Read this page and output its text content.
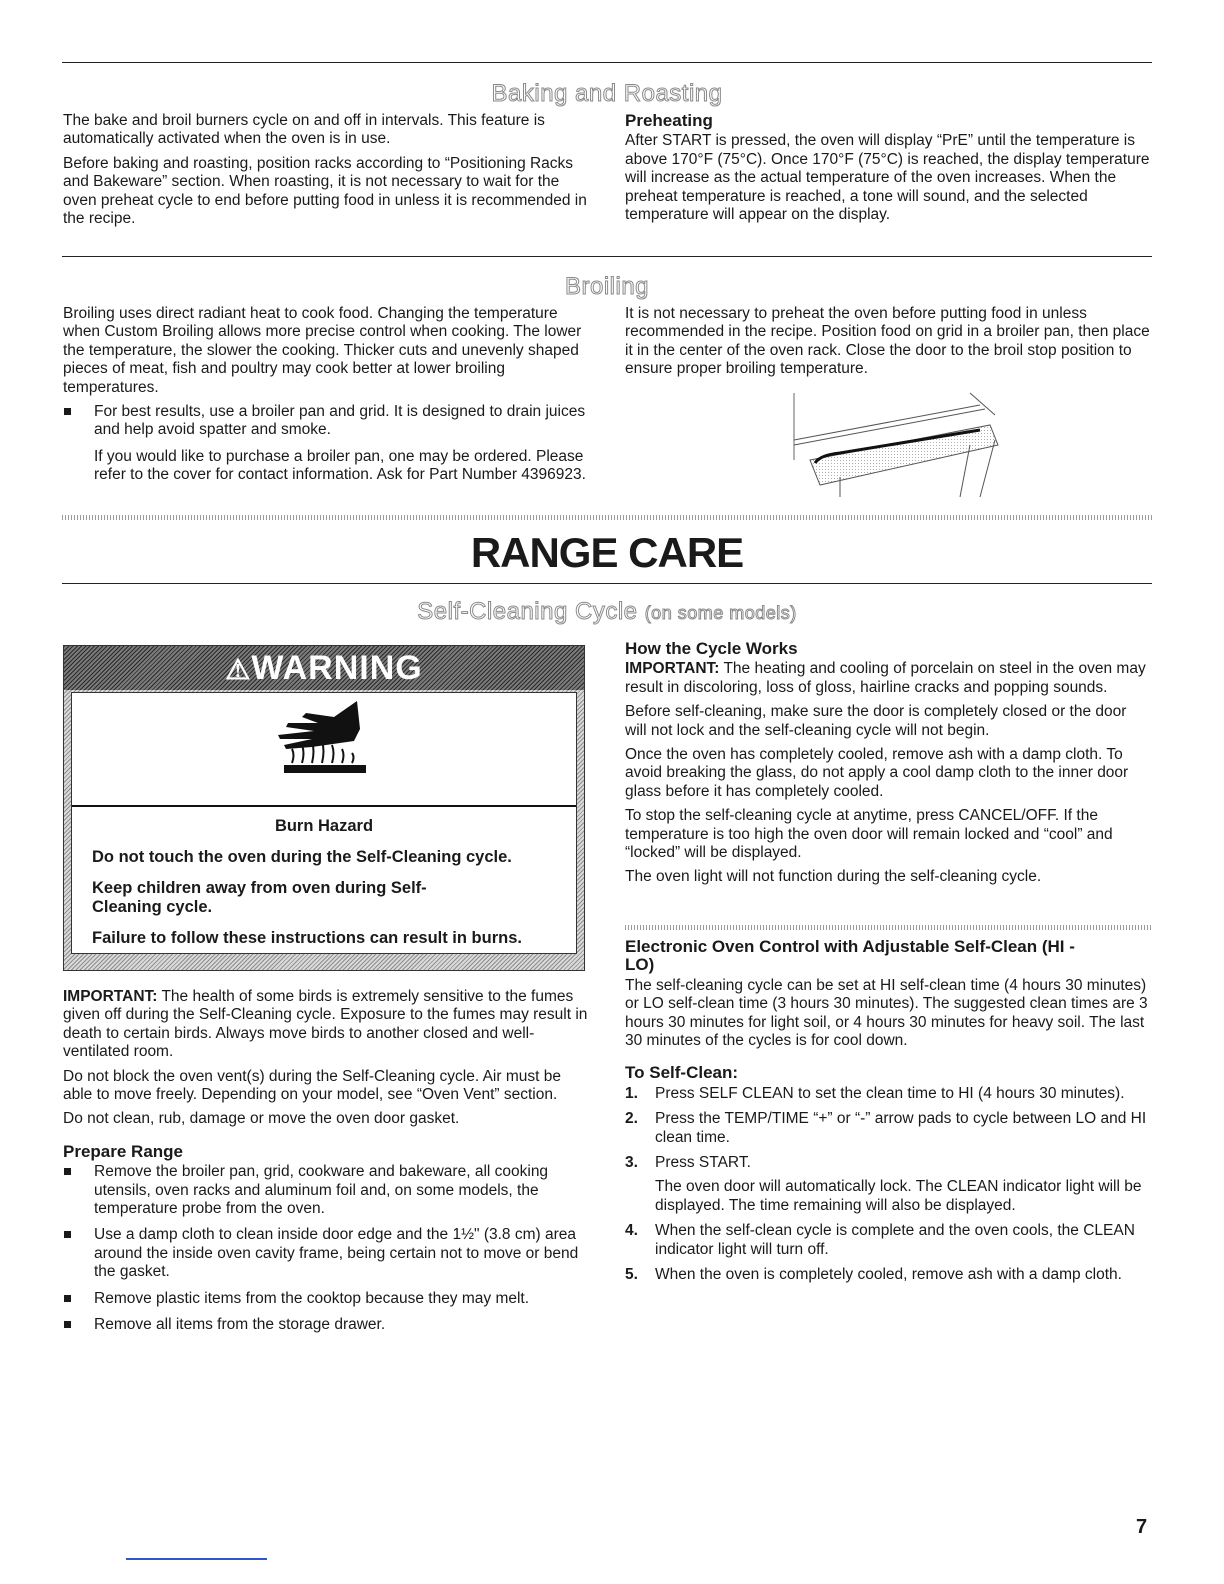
Baking and Roasting

The bake and broil burners cycle on and off in intervals. This feature is automatically activated when the oven is in use.

Before baking and roasting, position racks according to “Positioning Racks and Bakeware” section. When roasting, it is not necessary to wait for the oven preheat cycle to end before putting food in unless it is recommended in the recipe.

Preheating

After START is pressed, the oven will display “PrE” until the temperature is above 170°F (75°C). Once 170°F (75°C) is reached, the display temperature will increase as the actual temperature of the oven increases. When the preheat temperature is reached, a tone will sound, and the selected temperature will appear on the display.

Broiling

Broiling uses direct radiant heat to cook food. Changing the temperature when Custom Broiling allows more precise control when cooking. The lower the temperature, the slower the cooking. Thicker cuts and unevenly shaped pieces of meat, fish and poultry may cook better at lower broiling temperatures.

For best results, use a broiler pan and grid. It is designed to drain juices and help avoid spatter and smoke.
If you would like to purchase a broiler pan, one may be ordered. Please refer to the cover for contact information. Ask for Part Number 4396923.

It is not necessary to preheat the oven before putting food in unless recommended in the recipe. Position food on grid in a broiler pan, then place it in the center of the oven rack. Close the door to the broil stop position to ensure proper broiling temperature.

RANGE CARE
Self-Cleaning Cycle (on some models)
⚠WARNING
Burn Hazard
Do not touch the oven during the Self-Cleaning cycle.
Keep children away from oven during Self-Cleaning cycle.
Failure to follow these instructions can result in burns.

IMPORTANT: The health of some birds is extremely sensitive to the fumes given off during the Self-Cleaning cycle. Exposure to the fumes may result in death to certain birds. Always move birds to another closed and well-ventilated room.

Do not block the oven vent(s) during the Self-Cleaning cycle. Air must be able to move freely. Depending on your model, see “Oven Vent” section.

Do not clean, rub, damage or move the oven door gasket.

Prepare Range
Remove the broiler pan, grid, cookware and bakeware, all cooking utensils, oven racks and aluminum foil and, on some models, the temperature probe from the oven.
Use a damp cloth to clean inside door edge and the 1½" (3.8 cm) area around the inside oven cavity frame, being certain not to move or bend the gasket.
Remove plastic items from the cooktop because they may melt.
Remove all items from the storage drawer.
How the Cycle Works

IMPORTANT: The heating and cooling of porcelain on steel in the oven may result in discoloring, loss of gloss, hairline cracks and popping sounds.

Before self-cleaning, make sure the door is completely closed or the door will not lock and the self-cleaning cycle will not begin.

Once the oven has completely cooled, remove ash with a damp cloth. To avoid breaking the glass, do not apply a cool damp cloth to the inner door glass before it has completely cooled.

To stop the self-cleaning cycle at anytime, press CANCEL/OFF. If the temperature is too high the oven door will remain locked and “cool” and “locked” will be displayed.

The oven light will not function during the self-cleaning cycle.

Electronic Oven Control with Adjustable Self-Clean (HI - LO)

The self-cleaning cycle can be set at HI self-clean time (4 hours 30 minutes) or LO self-clean time (3 hours 30 minutes). The suggested clean times are 3 hours 30 minutes for light soil, or 4 hours 30 minutes for heavy soil. The last 30 minutes of the cycles is for cool down.

To Self-Clean:
1. Press SELF CLEAN to set the clean time to HI (4 hours 30 minutes).
2. Press the TEMP/TIME “+” or “-” arrow pads to cycle between LO and HI clean time.
3. Press START.
The oven door will automatically lock. The CLEAN indicator light will be displayed. The time remaining will also be displayed.
4. When the self-clean cycle is complete and the oven cools, the CLEAN indicator light will turn off.
5. When the oven is completely cooled, remove ash with a damp cloth.
7
